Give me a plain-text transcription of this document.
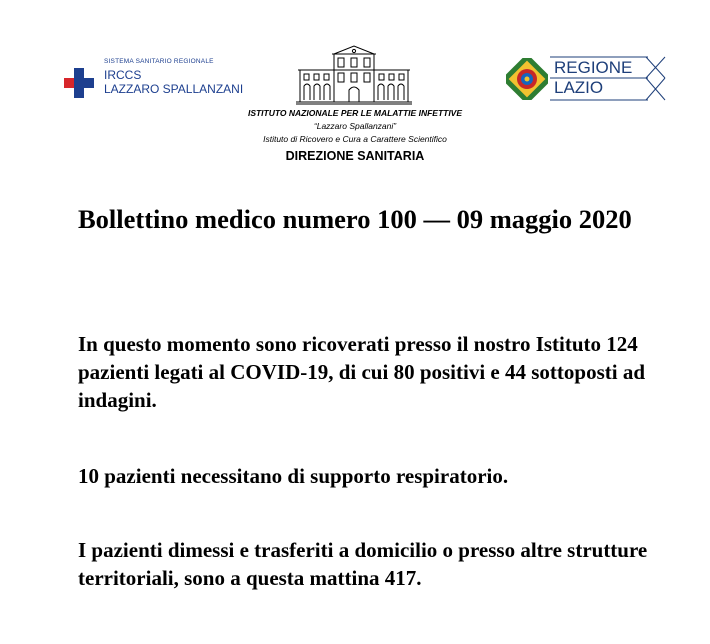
SISTEMA SANITARIO REGIONALE
IRCCS
LAZZARO SPALLANZANI
ISTITUTO NAZIONALE PER LE MALATTIE INFETTIVE
“Lazzaro Spallanzani”
Istituto di Ricovero e Cura a Carattere Scientifico
DIREZIONE SANITARIA
REGIONE
LAZIO
Bollettino medico numero 100 — 09 maggio 2020

In questo momento sono ricoverati presso il nostro Istituto 124 pazienti legati al COVID-19, di cui 80 positivi e 44 sottoposti ad indagini.

10 pazienti necessitano di supporto respiratorio.

I pazienti dimessi e trasferiti a domicilio o presso altre strutture territoriali, sono a questa mattina 417.
